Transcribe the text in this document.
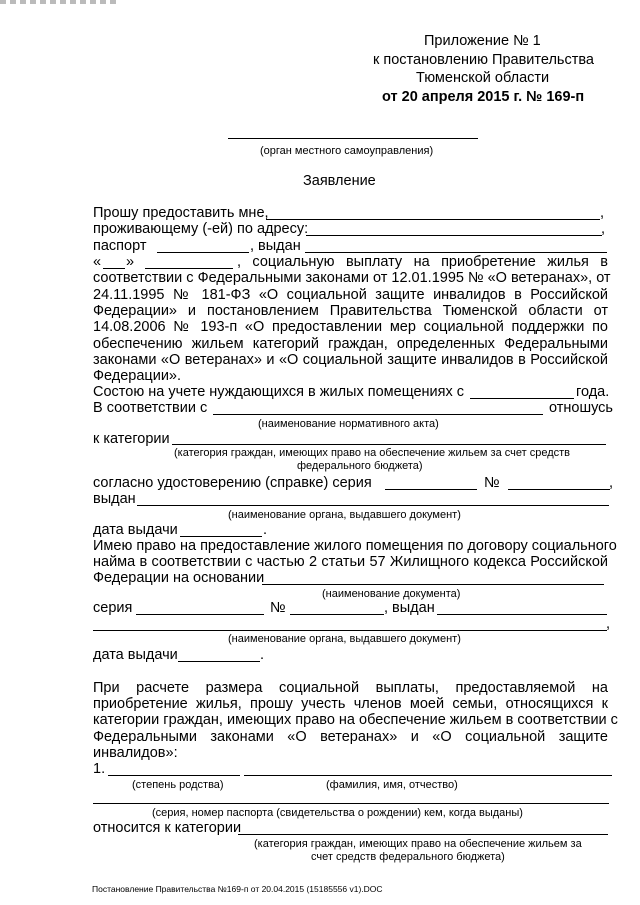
Приложение № 1
к постановлению Правительства
Тюменской области
от 20 апреля 2015 г. № 169-п
(орган местного самоуправления)
Заявление
Прошу предоставить мне,	,
проживающему (-ей) по адресу:	,
паспорт	, выдан
« »	, социальную выплату на приобретение жилья в
соответствии с Федеральными законами от 12.01.1995 № «О ветеранах», от
24.11.1995 № 181-ФЗ «О социальной защите инвалидов в Российской
Федерации» и постановлением Правительства Тюменской области от
14.08.2006 № 193-п «О предоставлении мер социальной поддержки по
обеспечению жильем категорий граждан, определенных Федеральными
законами «О ветеранах» и «О социальной защите инвалидов в Российской
Федерации».
Состою на учете нуждающихся в жилых помещениях с	года.
В соответствии с	отношусь
(наименование нормативного акта)
к категории
(категория граждан, имеющих право на обеспечение жильем за счет средств
федерального бюджета)
согласно удостоверению (справке) серия	№	,
выдан
(наименование органа, выдавшего документ)
дата выдачи	.
Имею право на предоставление жилого помещения по договору социального
найма в соответствии с частью 2 статьи 57 Жилищного кодекса Российской
Федерации на основании
(наименование документа)
серия	№	, выдан
,
(наименование органа, выдавшего документ)
дата выдачи	.
При расчете размера социальной выплаты, предоставляемой на
приобретение жилья, прошу учесть членов моей семьи, относящихся к
категории граждан, имеющих право на обеспечение жильем в соответствии с
Федеральными законами «О ветеранах» и «О социальной защите
инвалидов»:
1.
(степень родства)	(фамилия, имя, отчество)
(серия, номер паспорта (свидетельства о рождении) кем, когда выданы)
относится к категории
(категория граждан, имеющих право на обеспечение жильем за
счет средств федерального бюджета)
Постановление Правительства №169-п от 20.04.2015 (15185556 v1).DOC
